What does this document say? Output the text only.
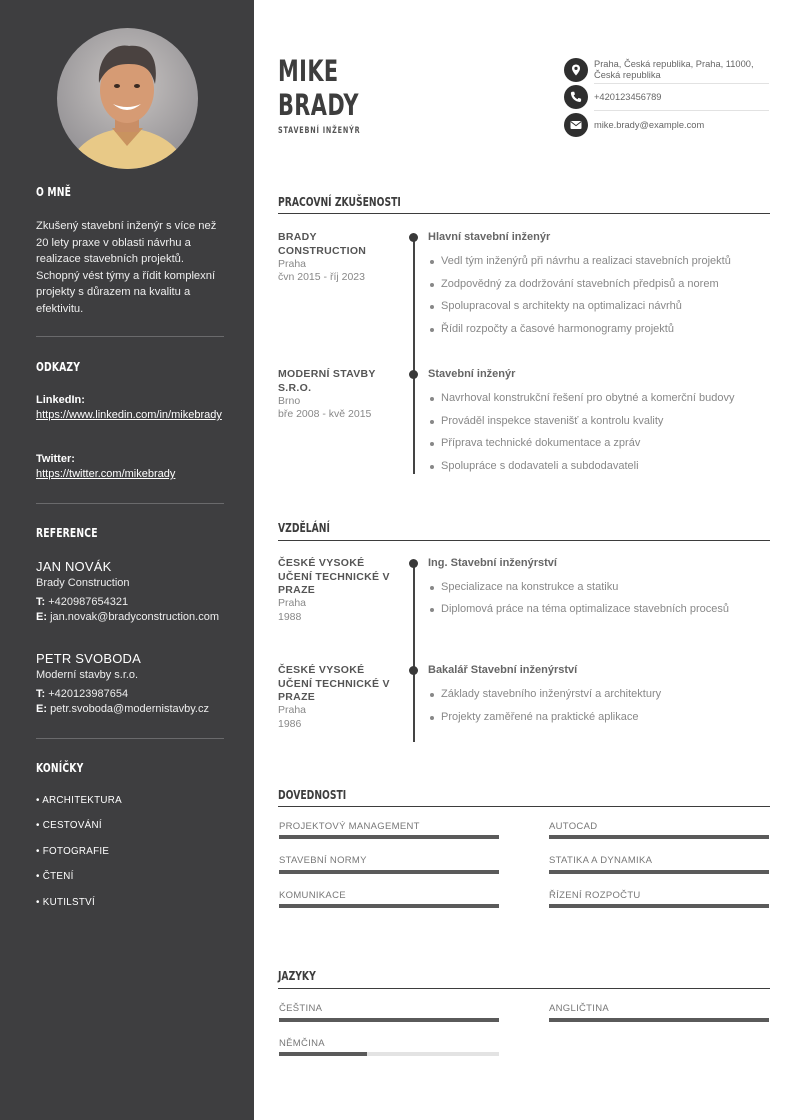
O MNĚ
Zkušený stavební inženýr s více než 20 lety praxe v oblasti návrhu a realizace stavebních projektů. Schopný vést týmy a řídit komplexní projekty s důrazem na kvalitu a efektivitu.
ODKAZY
LinkedIn:
https://www.linkedin.com/in/mikebrady
Twitter:
https://twitter.com/mikebrady
REFERENCE
JAN NOVÁK
Brady Construction
T: +420987654321
E: jan.novak@bradyconstruction.com
PETR SVOBODA
Moderní stavby s.r.o.
T: +420123987654
E: petr.svoboda@modernistavby.cz
KONÍČKY
• ARCHITEKTURA
• CESTOVÁNÍ
• FOTOGRAFIE
• ČTENÍ
• KUTILSTVÍ
MIKE
BRADY
STAVEBNÍ INŽENÝR
Praha, Česká republika, Praha, 11000, Česká republika
+420123456789
mike.brady@example.com
PRACOVNÍ ZKUŠENOSTI
BRADY CONSTRUCTION
Praha
čvn 2015 - říj 2023
Hlavní stavební inženýr
Vedl tým inženýrů při návrhu a realizaci stavebních projektů
Zodpovědný za dodržování stavebních předpisů a norem
Spolupracoval s architekty na optimalizaci návrhů
Řídil rozpočty a časové harmonogramy projektů
MODERNÍ STAVBY S.R.O.
Brno
bře 2008 - kvě 2015
Stavební inženýr
Navrhoval konstrukční řešení pro obytné a komerční budovy
Prováděl inspekce stavenišť a kontrolu kvality
Příprava technické dokumentace a zpráv
Spolupráce s dodavateli a subdodavateli
VZDĚLÁNÍ
ČESKÉ VYSOKÉ UČENÍ TECHNICKÉ V PRAZE
Praha
1988
Ing. Stavební inženýrství
Specializace na konstrukce a statiku
Diplomová práce na téma optimalizace stavebních procesů
ČESKÉ VYSOKÉ UČENÍ TECHNICKÉ V PRAZE
Praha
1986
Bakalář Stavební inženýrství
Základy stavebního inženýrství a architektury
Projekty zaměřené na praktické aplikace
DOVEDNOSTI
PROJEKTOVÝ MANAGEMENT	AUTOCAD
STAVEBNÍ NORMY	STATIKA A DYNAMIKA
KOMUNIKACE	ŘÍZENÍ ROZPOČTU
JAZYKY
ČEŠTINA	ANGLIČTINA
NĚMČINA
